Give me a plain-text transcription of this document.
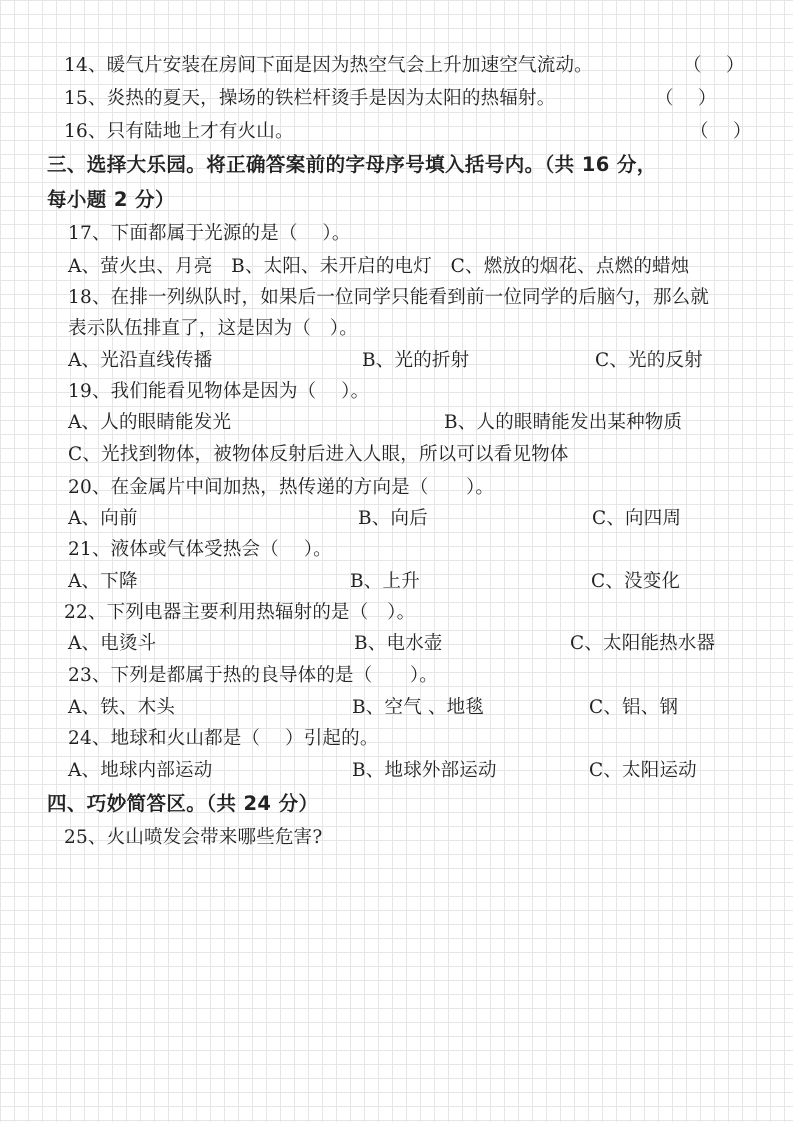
14、暖气片安装在房间下面是因为热空气会上升加速空气流动。	（　 ）
15、炎热的夏天，操场的铁栏杆烫手是因为太阳的热辐射。	（　 ）
16、只有陆地上才有火山。	（　 ）
三、选择大乐园。将正确答案前的字母序号填入括号内。（共 16 分，
每小题 2 分）
17、下面都属于光源的是（　 ）。
A、萤火虫、月亮　B、太阳、未开启的电灯　C、燃放的烟花、点燃的蜡烛
18、在排一列纵队时，如果后一位同学只能看到前一位同学的后脑勺，那么就
表示队伍排直了，这是因为（　）。
A、光沿直线传播	B、光的折射	C、光的反射
19、我们能看见物体是因为（　 ）。
A、人的眼睛能发光	B、人的眼睛能发出某种物质
C、光找到物体，被物体反射后进入人眼，所以可以看见物体
20、在金属片中间加热，热传递的方向是（　　）。
A、向前	B、向后	C、向四周
21、液体或气体受热会（　 ）。
A、下降	B、上升	C、没变化
22、下列电器主要利用热辐射的是（　）。
A、电烫斗	B、电水壶	C、太阳能热水器
23、下列是都属于热的良导体的是（　　）。
A、铁、木头	B、空气 、地毯	C、铝、钢
24、地球和火山都是（　 ）引起的。
A、地球内部运动	B、地球外部运动	C、太阳运动
四、巧妙简答区。（共 24 分）
25、火山喷发会带来哪些危害?
